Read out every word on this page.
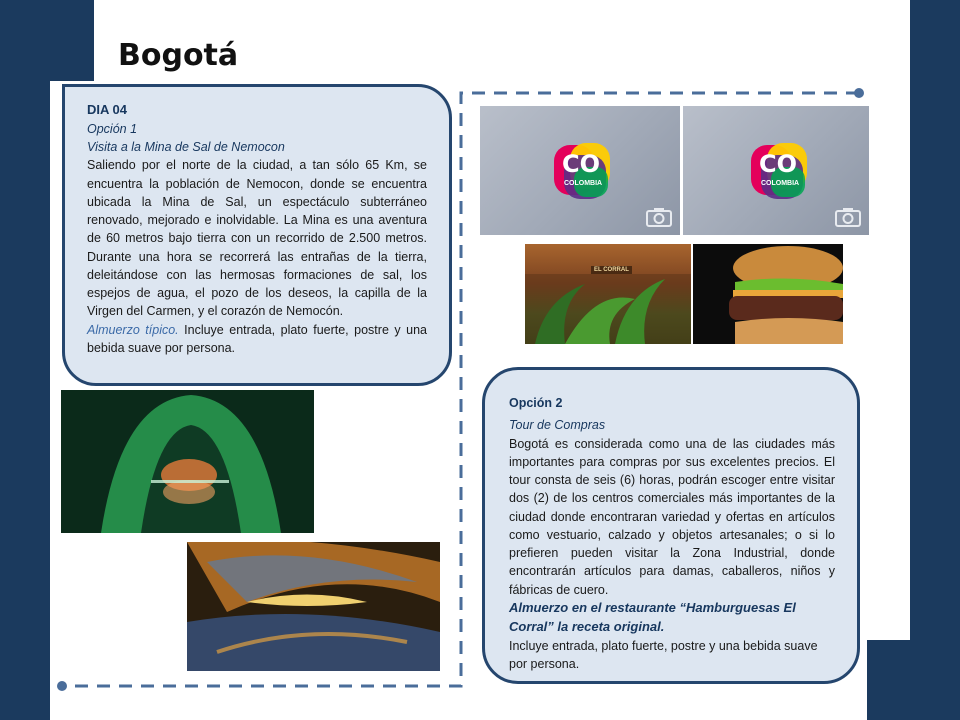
Bogotá

DIA 04

Opción 1

Visita a la Mina de Sal de Nemocon

Saliendo por el norte de la ciudad, a tan sólo 65 Km, se encuentra la población de Nemocon, donde se encuentra ubicada la Mina de Sal, un espectáculo subterráneo renovado, mejorado e inolvidable. La Mina es una aventura de 60 metros bajo tierra con un recorrido de 2.500 metros. Durante una hora se recorrerá las entrañas de la tierra, deleitándose con las hermosas formaciones de sal, los espejos de agua, el pozo de los deseos, la capilla de la Virgen del Carmen, y el corazón de Nemocón.

Almuerzo típico. Incluye entrada, plato fuerte, postre y una bebida suave por persona.

Opción 2

Tour de Compras

Bogotá es considerada como una de las ciudades más importantes para compras por sus excelentes precios. El tour consta de seis (6) horas, podrán escoger entre visitar dos (2) de los centros comerciales más importantes de la ciudad donde encontraran variedad y ofertas en artículos como vestuario, calzado y objetos artesanales; o si lo prefieren pueden visitar la Zona Industrial, donde encontrarán artículos para damas, caballeros, niños y fábricas de cuero.

Almuerzo en el restaurante “Hamburguesas El Corral” la receta original.

Incluye entrada, plato fuerte, postre y una bebida suave por persona.

CO
COLOMBIA
CO
COLOMBIA
EL CORRAL
